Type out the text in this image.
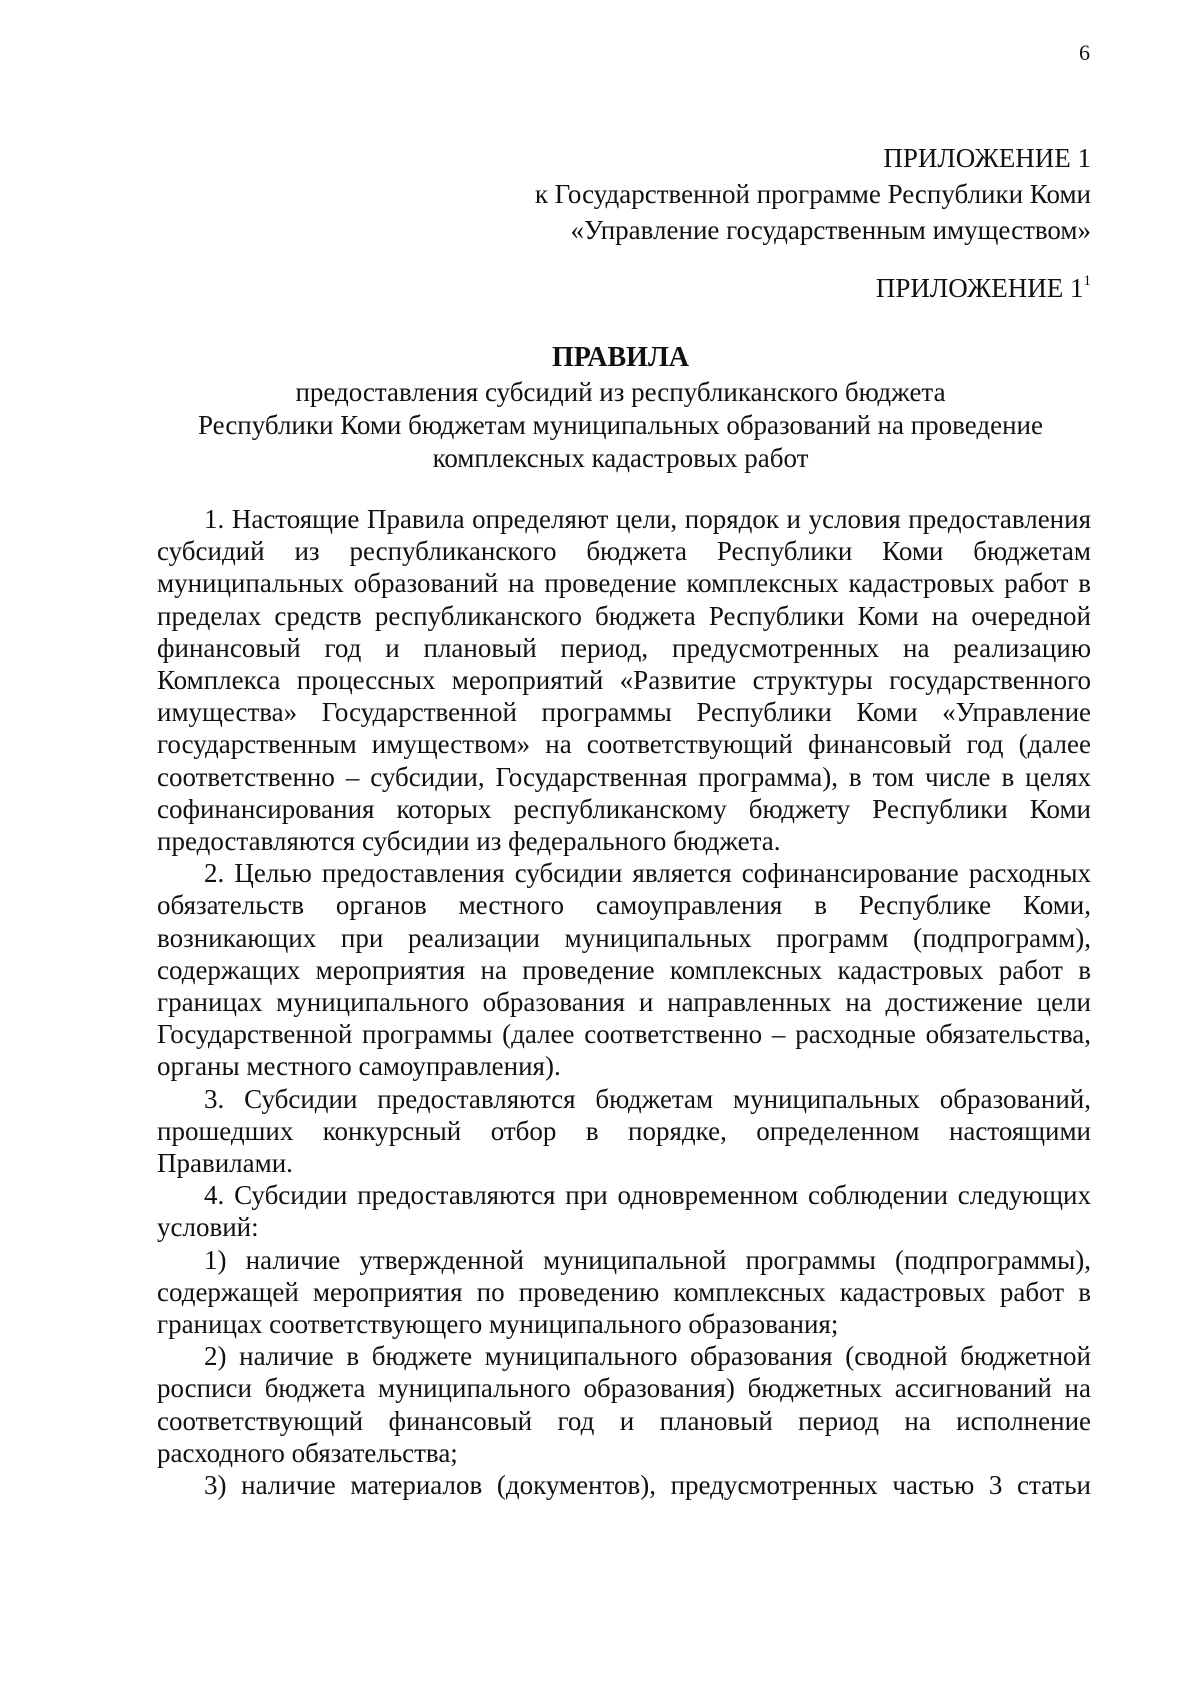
6
ПРИЛОЖЕНИЕ 1
к Государственной программе Республики Коми
«Управление государственным имуществом»
ПРИЛОЖЕНИЕ $1^1$
ПРАВИЛА
предоставления субсидий из республиканского бюджета
Республики Коми бюджетам муниципальных образований на проведение
комплексных кадастровых работ

1. Настоящие Правила определяют цели, порядок и условия предоставления субсидий из республиканского бюджета Республики Коми бюджетам муниципальных образований на проведение комплексных кадастровых работ в пределах средств республиканского бюджета Республики Коми на очередной финансовый год и плановый период, предусмотренных на реализацию Комплекса процессных мероприятий «Развитие структуры государственного имущества» Государственной программы Республики Коми «Управление государственным имуществом» на соответствующий финансовый год (далее соответственно – субсидии, Государственная программа), в том числе в целях софинансирования которых республиканскому бюджету Республики Коми предоставляются субсидии из федерального бюджета.

2. Целью предоставления субсидии является софинансирование расходных обязательств органов местного самоуправления в Республике Коми, возникающих при реализации муниципальных программ (подпрограмм), содержащих мероприятия на проведение комплексных кадастровых работ в границах муниципального образования и направленных на достижение цели Государственной программы (далее соответственно – расходные обязательства, органы местного самоуправления).

3. Субсидии предоставляются бюджетам муниципальных образований, прошедших конкурсный отбор в порядке, определенном настоящими Правилами.

4. Субсидии предоставляются при одновременном соблюдении следующих условий:

1) наличие утвержденной муниципальной программы (подпрограммы), содержащей мероприятия по проведению комплексных кадастровых работ в границах соответствующего муниципального образования;

2) наличие в бюджете муниципального образования (сводной бюджетной росписи бюджета муниципального образования) бюджетных ассигнований на соответствующий финансовый год и плановый период на исполнение расходного обязательства;

3) наличие материалов (документов), предусмотренных частью 3 статьи
